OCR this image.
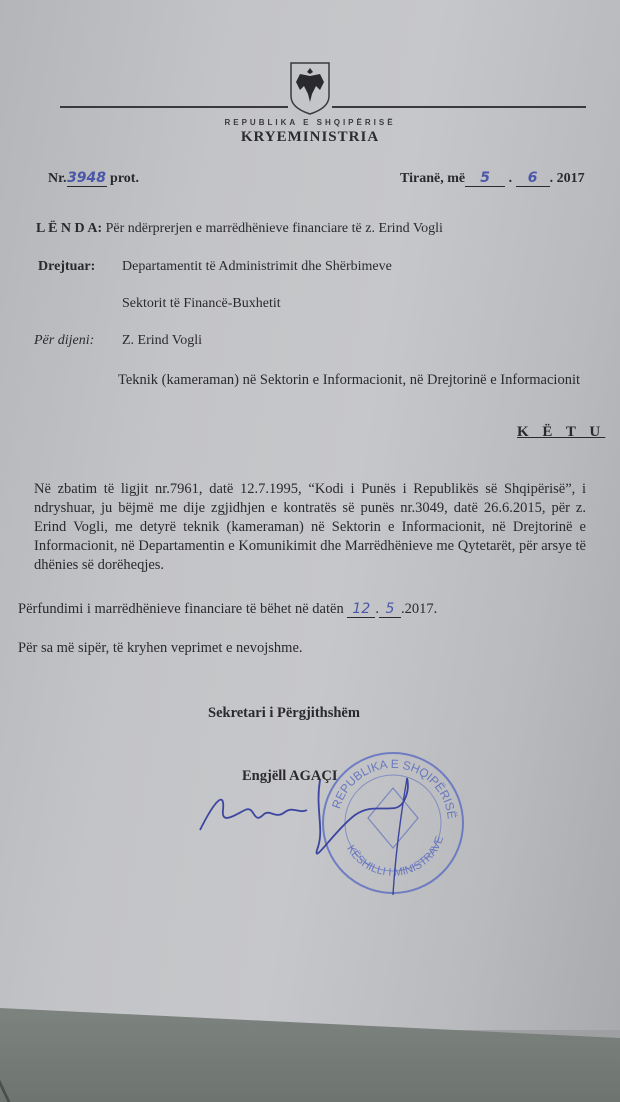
REPUBLIKA E SHQIPËRISË
KRYEMINISTRIA
Nr.3948 prot.	Tiranë, më 5 . 6 . 2017
L Ë N D A: Për ndërprerjen e marrëdhënieve financiare të z. Erind Vogli
Drejtuar: Departamentit të Administrimit dhe Shërbimeve
Sektorit të Financë-Buxhetit
Për dijeni: Z. Erind Vogli
Teknik (kameraman) në Sektorin e Informacionit, në Drejtorinë e Informacionit
K Ë T U
Në zbatim të ligjit nr.7961, datë 12.7.1995, “Kodi i Punës i Republikës së Shqipërisë”, i ndryshuar, ju bëjmë me dije zgjidhjen e kontratës së punës nr.3049, datë 26.6.2015, për z. Erind Vogli, me detyrë teknik (kameraman) në Sektorin e Informacionit, në Drejtorinë e Informacionit, në Departamentin e Komunikimit dhe Marrëdhënieve me Qytetarët, për arsye të dhënies së dorëheqjes.
Përfundimi i marrëdhënieve financiare të bëhet në datën 12 . 5 .2017.
Për sa më sipër, të kryhen veprimet e nevojshme.
Sekretari i Përgjithshëm
Engjëll AGAÇI
REPUBLIKA E SHQIPËRISË
KËSHILLI I MINISTRAVE
